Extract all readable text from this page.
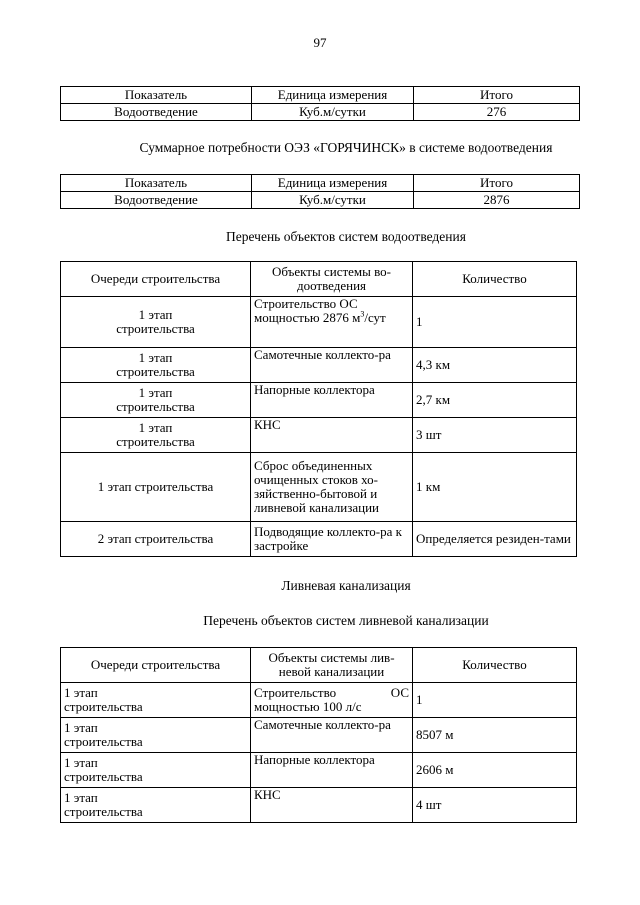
97
Показатель	Единица измерения	Итого
Водоотведение	Куб.м/сутки	276
Суммарное потребности ОЭЗ «ГОРЯЧИНСК» в системе водоотведения
Показатель	Единица измерения	Итого
Водоотведение	Куб.м/сутки	2876
Перечень объектов систем водоотведения
Очереди строительства	Объекты системы во-доотведения	Количество
1 этап строительства	Строительство ОС мощностью 2876 $м^3$/сут	1
1 этап строительства	Самотечные коллекто-ра	4,3 км
1 этап строительства	Напорные коллектора	2,7 км
1 этап строительства	КНС	3 шт
1 этап строительства	Сброс объединенных очищенных стоков хо-зяйственно-бытовой и ливневой канализации	1 км
2 этап строительства	Подводящие коллекто-ра к застройке	Определяется резиден-тами
Ливневая канализация
Перечень объектов систем ливневой канализации
Очереди строительства	Объекты системы лив-невой канализации	Количество
1 этап строительства	Строительство ОС мощностью 100 л/с	1
1 этап строительства	Самотечные коллекто-ра	8507 м
1 этап строительства	Напорные коллектора	2606 м
1 этап строительства	КНС	4 шт
